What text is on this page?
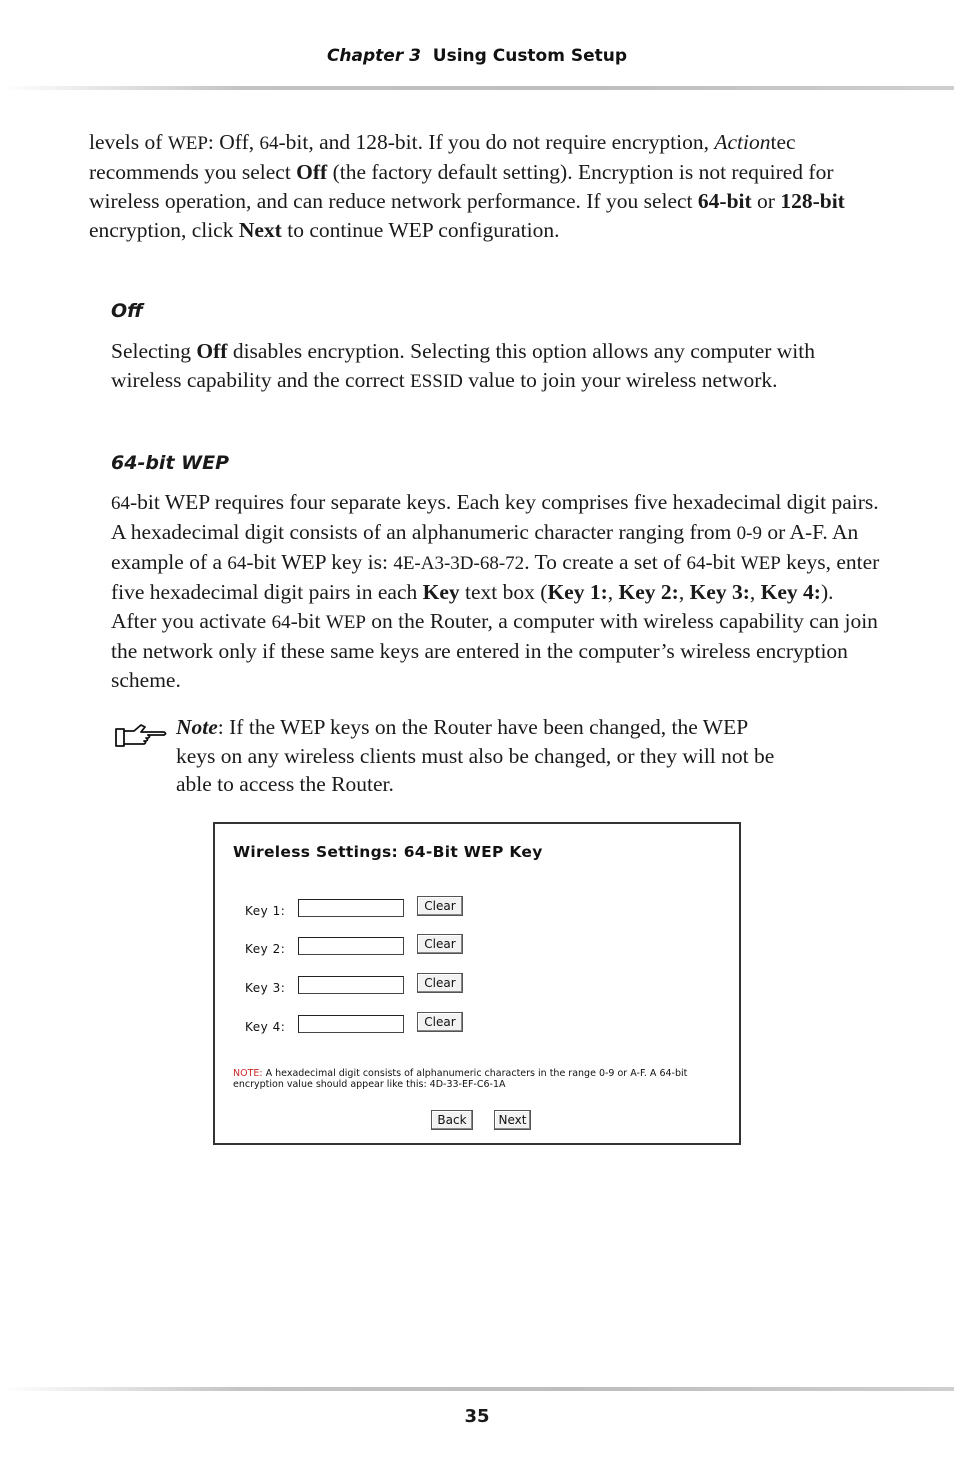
Chapter 3 Using Custom Setup

levels of WEP: Off, 64-bit, and 128-bit. If you do not require encryption, Actiontec recommends you select Off (the factory default setting). Encryption is not required for wireless operation, and can reduce network performance. If you select 64-bit or 128-bit encryption, click Next to continue WEP configuration.

Off

Selecting Off disables encryption. Selecting this option allows any computer with wireless capability and the correct ESSID value to join your wireless network.

64-bit WEP

64-bit WEP requires four separate keys. Each key comprises five hexadecimal digit pairs. A hexadecimal digit consists of an alphanumeric character ranging from 0-9 or A-F. An example of a 64-bit WEP key is: 4E-A3-3D-68-72. To create a set of 64-bit WEP keys, enter five hexadecimal digit pairs in each Key text box (Key 1:, Key 2:, Key 3:, Key 4:). After you activate 64-bit WEP on the Router, a computer with wireless capability can join the network only if these same keys are entered in the computer’s wireless encryption scheme.

Note: If the WEP keys on the Router have been changed, the WEP keys on any wireless clients must also be changed, or they will not be able to access the Router.
Wireless Settings: 64-Bit WEP Key
Key 1:	Clear
Key 2:	Clear
Key 3:	Clear
Key 4:	Clear
NOTE: A hexadecimal digit consists of alphanumeric characters in the range 0-9 or A-F. A 64-bit encryption value should appear like this: 4D-33-EF-C6-1A
Back	Next
35
